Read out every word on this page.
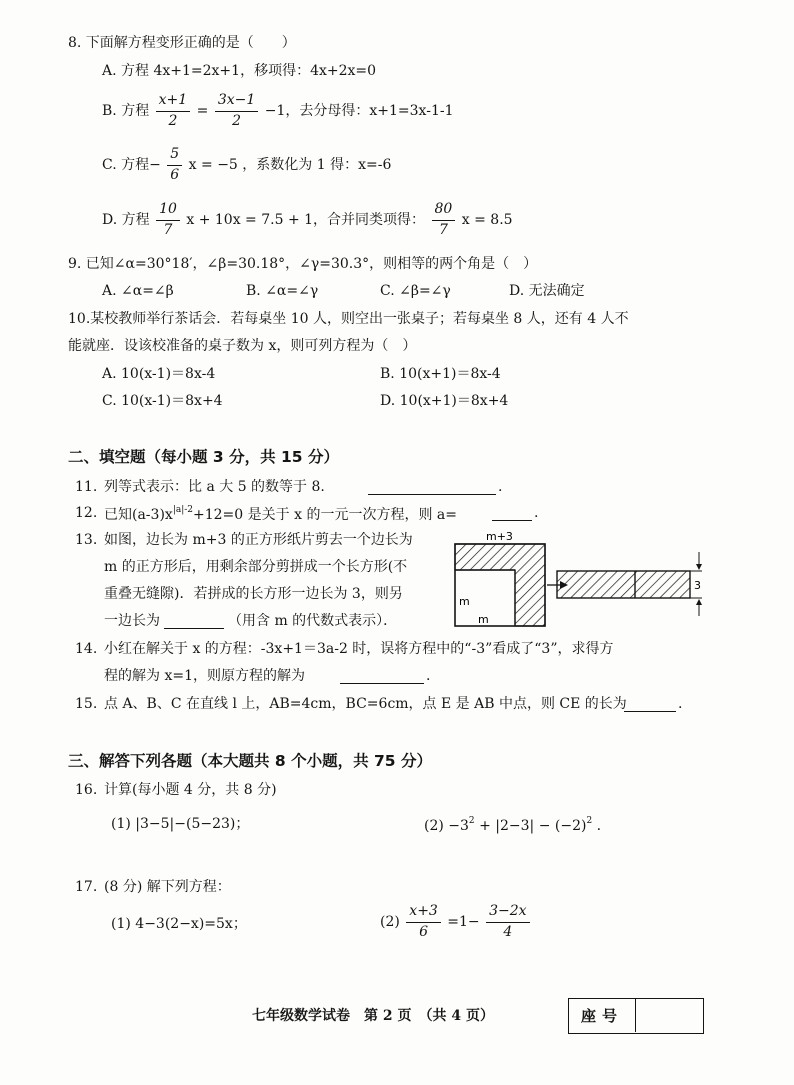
8. 下面解方程变形正确的是（　　）
A. 方程 4x+1=2x+1，移项得：4x+2x=0
B. 方程 $\frac{x+1}{2} = \frac{3x-1}{2} -1$，去分母得：x+1=3x-1-1
C. 方程− $\frac{5}{6}$ x = −5 ，系数化为 1 得：x=-6
D. 方程 $\frac{10}{7}$ x + 10x = 7.5 + 1，合并同类项得： $\frac{80}{7}$ x = 8.5
9. 已知∠α=30°18′，∠β=30.18°，∠γ=30.3°，则相等的两个角是（　）
A. ∠α=∠β	B. ∠α=∠γ	C. ∠β=∠γ	D. 无法确定
10.某校教师举行茶话会．若每桌坐 10 人，则空出一张桌子；若每桌坐 8 人，还有 4 人不
能就座．设该校准备的桌子数为 x，则可列方程为（　）
A. 10(x-1)＝8x-4	B. 10(x+1)＝8x-4
C. 10(x-1)＝8x+4	D. 10(x+1)＝8x+4
二、填空题（每小题 3 分，共 15 分）
11. 列等式表示：比 a 大 5 的数等于 8.	.
12. 已知$(a-3)x^{|a|-2}+12=0$ 是关于 x 的一元一次方程，则 a=	.
13. 如图，边长为 m+3 的正方形纸片剪去一个边长为
m 的正方形后，用剩余部分剪拼成一个长方形(不
重叠无缝隙)．若拼成的长方形一边长为 3，则另
一边长为	（用含 m 的代数式表示）．
m+3
m
m
3
14. 小红在解关于 x 的方程：-3x+1＝3a-2 时，误将方程中的“-3”看成了“3”，求得方
程的解为 x=1，则原方程的解为	.
15. 点 A、B、C 在直线 l 上，AB=4cm，BC=6cm，点 E 是 AB 中点，则 CE 的长为	.
三、解答下列各题（本大题共 8 个小题，共 75 分）
16. 计算(每小题 4 分，共 8 分)
(1) |3−5|−(5−23)；	$(2) -3^2 + |2-3| - (-2)^2$ .
17. (8 分) 解下列方程：
(1) 4−3(2−x)=5x；	$(2) \frac{x+3}{6} =1- \frac{3-2x}{4}$
七年级数学试卷　第 2 页　（共 4 页）	座号
